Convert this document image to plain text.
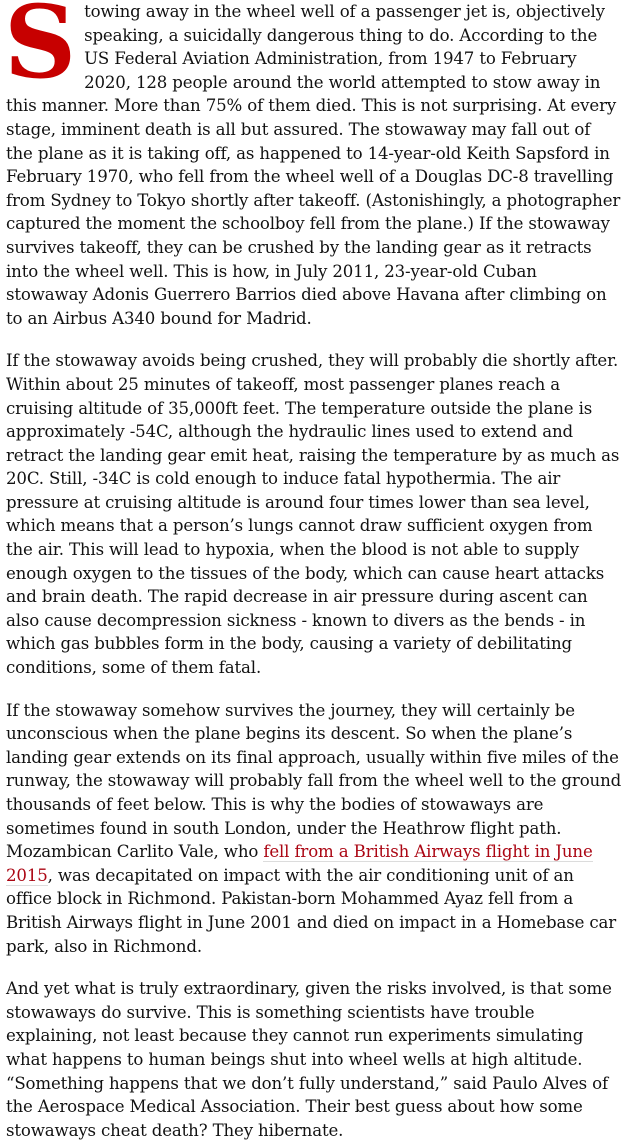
Stowing away in the wheel well of a passenger jet is, objectively speaking, a suicidally dangerous thing to do. According to the US Federal Aviation Administration, from 1947 to February 2020, 128 people around the world attempted to stow away in this manner. More than 75% of them died. This is not surprising. At every stage, imminent death is all but assured. The stowaway may fall out of the plane as it is taking off, as happened to 14-year-old Keith Sapsford in February 1970, who fell from the wheel well of a Douglas DC-8 travelling from Sydney to Tokyo shortly after takeoff. (Astonishingly, a photographer captured the moment the schoolboy fell from the plane.) If the stowaway survives takeoff, they can be crushed by the landing gear as it retracts into the wheel well. This is how, in July 2011, 23-year-old Cuban stowaway Adonis Guerrero Barrios died above Havana after climbing on to an Airbus A340 bound for Madrid.

If the stowaway avoids being crushed, they will probably die shortly after. Within about 25 minutes of takeoff, most passenger planes reach a cruising altitude of 35,000ft feet. The temperature outside the plane is approximately -54C, although the hydraulic lines used to extend and retract the landing gear emit heat, raising the temperature by as much as 20C. Still, -34C is cold enough to induce fatal hypothermia. The air pressure at cruising altitude is around four times lower than sea level, which means that a person’s lungs cannot draw sufficient oxygen from the air. This will lead to hypoxia, when the blood is not able to supply enough oxygen to the tissues of the body, which can cause heart attacks and brain death. The rapid decrease in air pressure during ascent can also cause decompression sickness - known to divers as the bends - in which gas bubbles form in the body, causing a variety of debilitating conditions, some of them fatal.

If the stowaway somehow survives the journey, they will certainly be unconscious when the plane begins its descent. So when the plane’s landing gear extends on its final approach, usually within five miles of the runway, the stowaway will probably fall from the wheel well to the ground thousands of feet below. This is why the bodies of stowaways are sometimes found in south London, under the Heathrow flight path. Mozambican Carlito Vale, who fell from a British Airways flight in June 2015, was decapitated on impact with the air conditioning unit of an office block in Richmond. Pakistan-born Mohammed Ayaz fell from a British Airways flight in June 2001 and died on impact in a Homebase car park, also in Richmond.

And yet what is truly extraordinary, given the risks involved, is that some stowaways do survive. This is something scientists have trouble explaining, not least because they cannot run experiments simulating what happens to human beings shut into wheel wells at high altitude. “Something happens that we don’t fully understand,” said Paulo Alves of the Aerospace Medical Association. Their best guess about how some stowaways cheat death? They hibernate.
